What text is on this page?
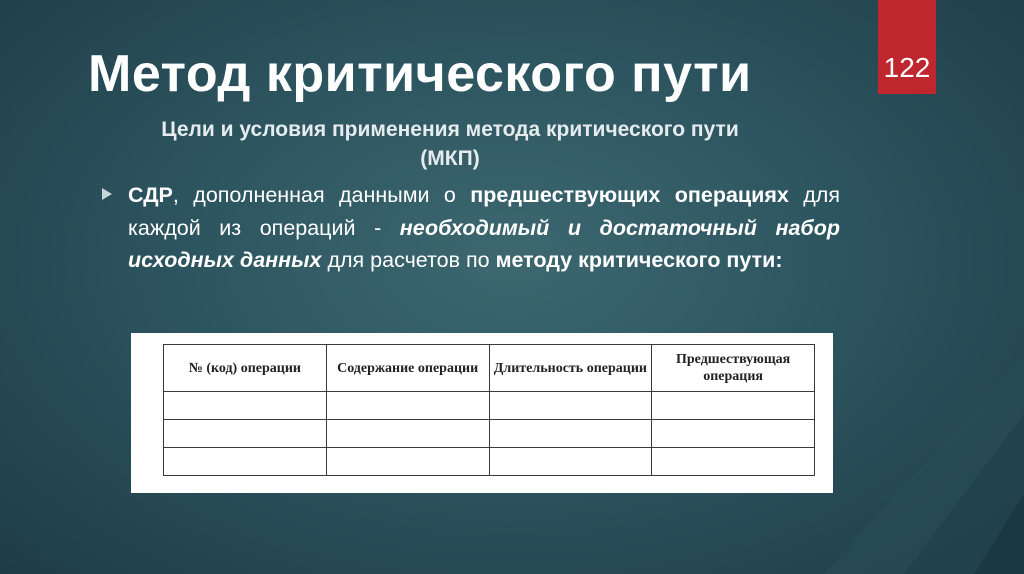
122
Метод критического пути
Цели и условия применения метода критического пути
(МКП)

СДР, дополненная данными о предшествующих операциях для каждой из операций - необходимый и достаточный набор исходных данных для расчетов по методу критического пути:

№ (код) операции	Содержание операции	Длительность операции	Предшествующая операция
